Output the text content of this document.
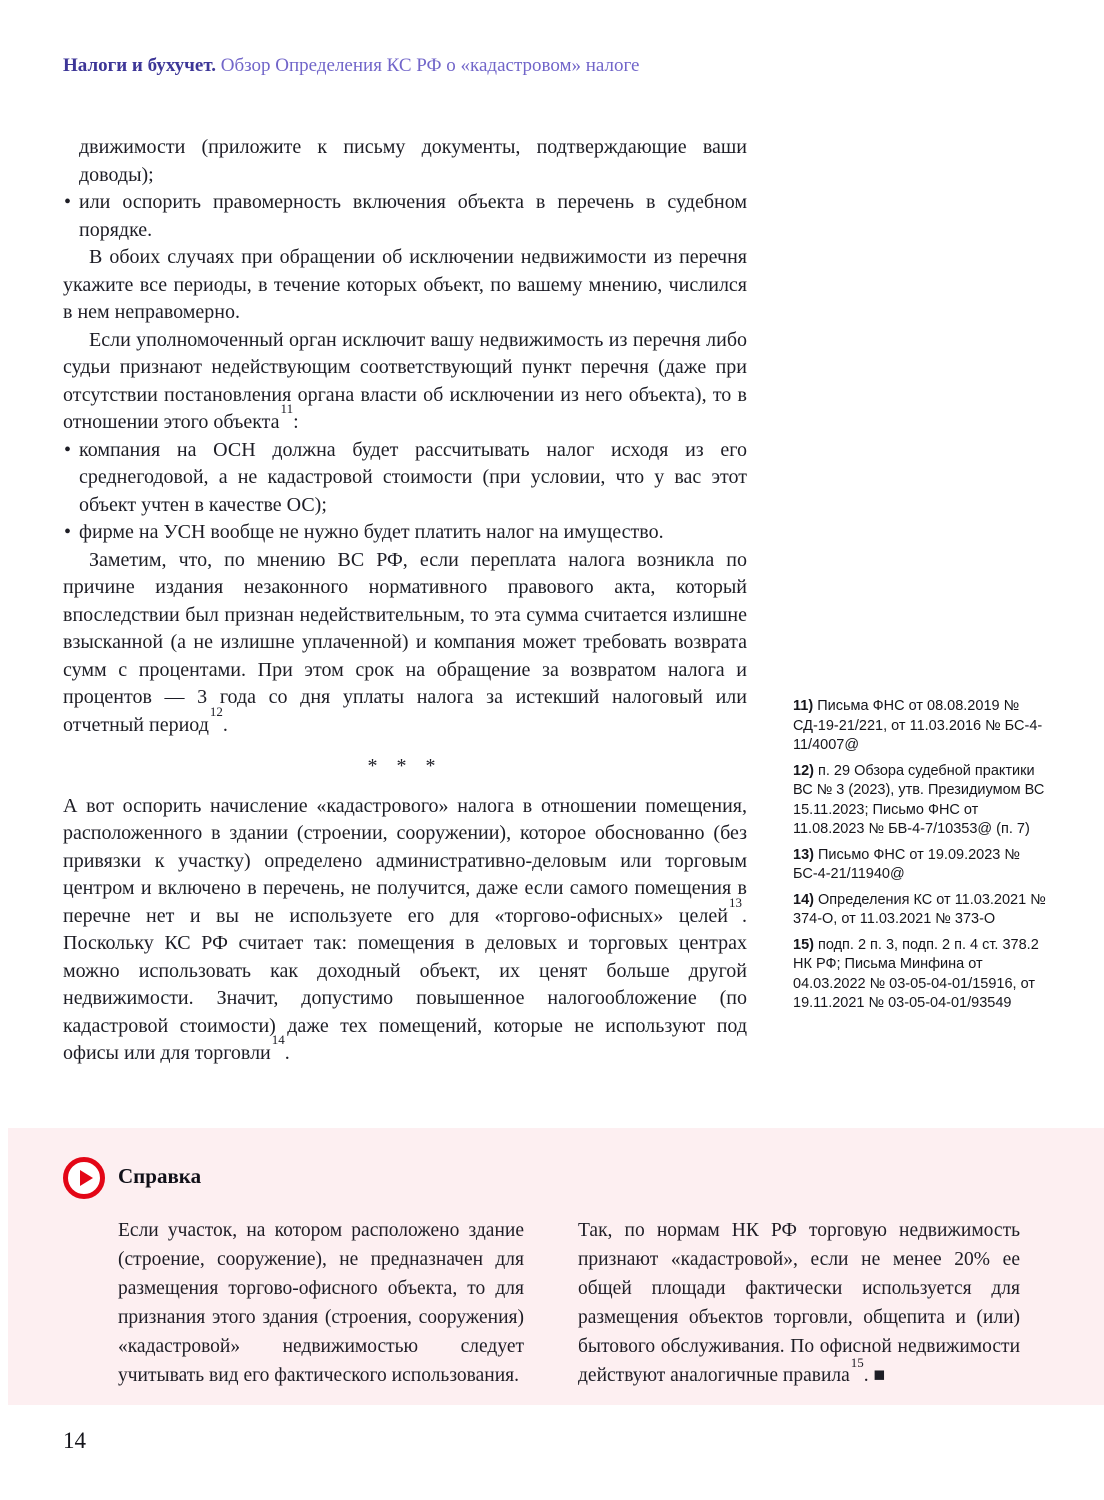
Налоги и бухучет. Обзор Определения КС РФ о «кадастровом» налоге

движимости (приложите к письму документы, подтверждающие ваши доводы);

• или оспорить правомерность включения объекта в перечень в судебном порядке.

В обоих случаях при обращении об исключении недвижимости из перечня укажите все периоды, в течение которых объект, по вашему мнению, числился в нем неправомерно.

Если уполномоченный орган исключит вашу недвижимость из перечня либо судьи признают недействующим соответствующий пункт перечня (даже при отсутствии постановления органа власти об исключении из него объекта), то в отношении этого объекта$^{11}$:

• компания на ОСН должна будет рассчитывать налог исходя из его среднегодовой, а не кадастровой стоимости (при условии, что у вас этот объект учтен в качестве ОС);

• фирме на УСН вообще не нужно будет платить налог на имущество.

Заметим, что, по мнению ВС РФ, если переплата налога возникла по причине издания незаконного нормативного правового акта, который впоследствии был признан недействительным, то эта сумма считается излишне взысканной (а не излишне уплаченной) и компания может требовать возврата сумм с процентами. При этом срок на обращение за возвратом налога и процентов — 3 года со дня уплаты налога за истекший налоговый или отчетный период$^{12}$.

* * *

А вот оспорить начисление «кадастрового» налога в отношении помещения, расположенного в здании (строении, сооружении), которое обоснованно (без привязки к участку) определено административно-деловым или торговым центром и включено в перечень, не получится, даже если самого помещения в перечне нет и вы не используете его для «торгово-офисных» целей$^{13}$. Поскольку КС РФ считает так: помещения в деловых и торговых центрах можно использовать как доходный объект, их ценят больше другой недвижимости. Значит, допустимо повышенное налогообложение (по кадастровой стоимости) даже тех помещений, которые не используют под офисы или для торговли$^{14}$.

11) Письма ФНС от 08.08.2019 № СД-19-21/221, от 11.03.2016 № БС-4-11/4007@

12) п. 29 Обзора судебной практики ВС № 3 (2023), утв. Президиумом ВС 15.11.2023; Письмо ФНС от 11.08.2023 № БВ-4-7/10353@ (п. 7)

13) Письмо ФНС от 19.09.2023 № БС-4-21/11940@

14) Определения КС от 11.03.2021 № 374-О, от 11.03.2021 № 373-О

15) подп. 2 п. 3, подп. 2 п. 4 ст. 378.2 НК РФ; Письма Минфина от 04.03.2022 № 03-05-04-01/15916, от 19.11.2021 № 03-05-04-01/93549

Справка
Если участок, на котором расположено здание (строение, сооружение), не предназначен для размещения торгово-офисного объекта, то для признания этого здания (строения, сооружения) «кадастровой» недвижимостью следует учитывать вид его фактического использования.
Так, по нормам НК РФ торговую недвижимость признают «кадастровой», если не менее 20% ее общей площади фактически используется для размещения объектов торговли, общепита и (или) бытового обслуживания. По офисной недвижимости действуют аналогичные правила$^{15}$. ■
14
